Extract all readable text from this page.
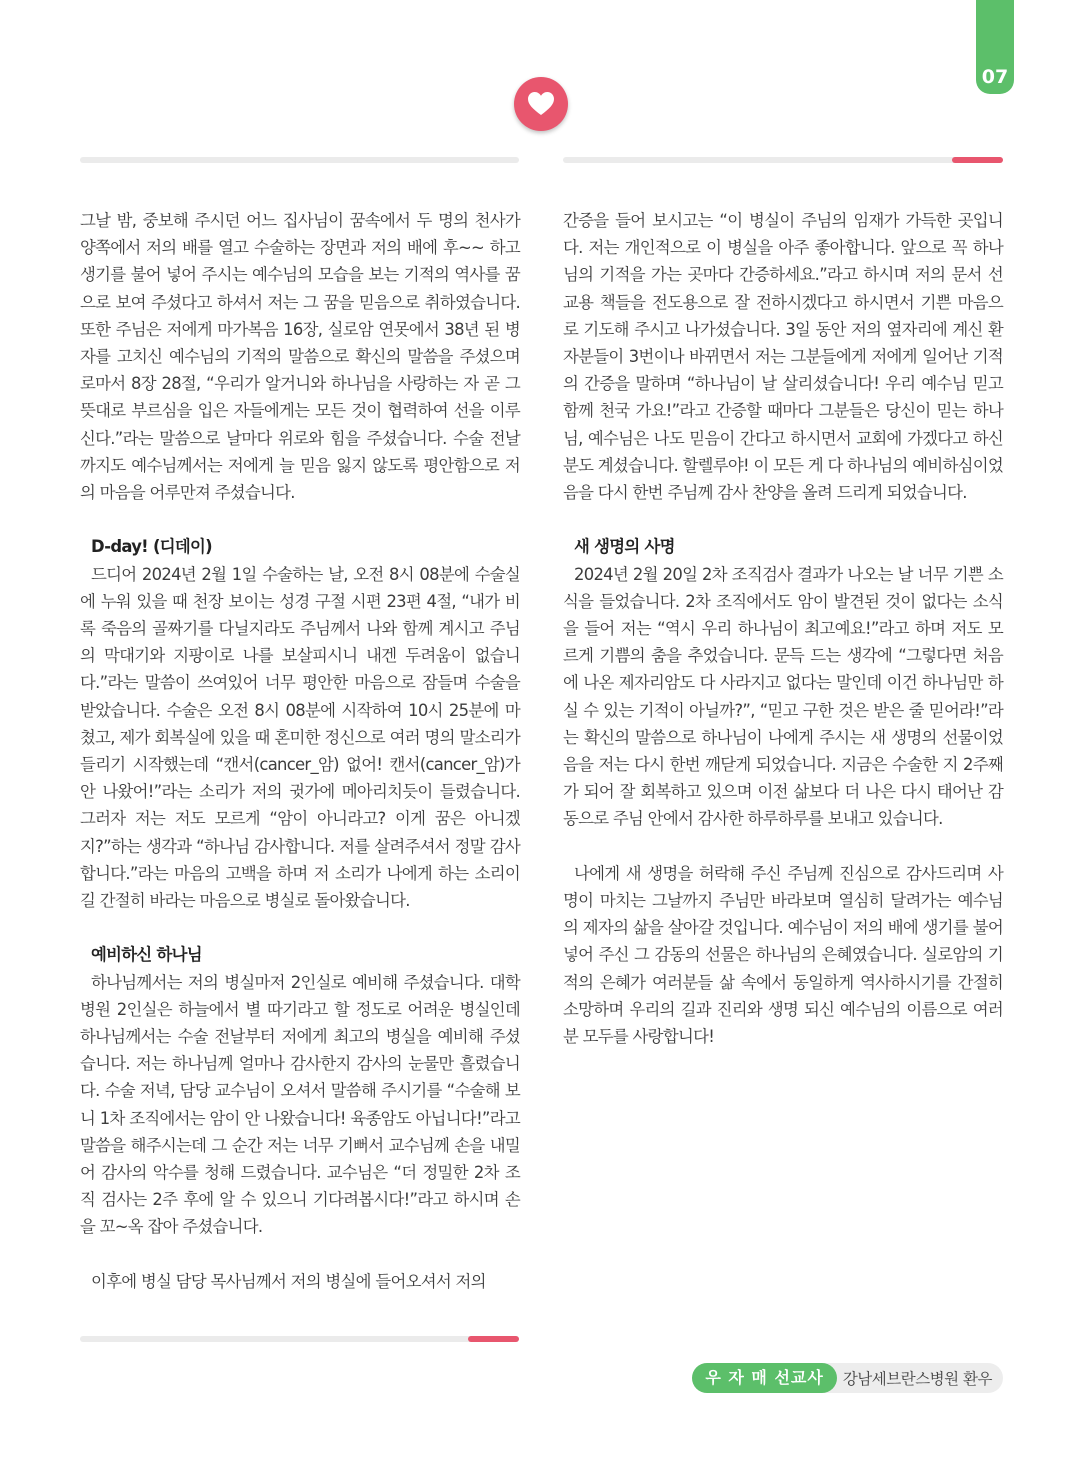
07

그날 밤, 중보해 주시던 어느 집사님이 꿈속에서 두 명의 천사가 양쪽에서 저의 배를 열고 수술하는 장면과 저의 배에 후~~ 하고 생기를 불어 넣어 주시는 예수님의 모습을 보는 기적의 역사를 꿈으로 보여 주셨다고 하셔서 저는 그 꿈을 믿음으로 취하였습니다. 또한 주님은 저에게 마가복음 16장, 실로암 연못에서 38년 된 병자를 고치신 예수님의 기적의 말씀으로 확신의 말씀을 주셨으며 로마서 8장 28절, “우리가 알거니와 하나님을 사랑하는 자 곧 그 뜻대로 부르심을 입은 자들에게는 모든 것이 협력하여 선을 이루신다.”라는 말씀으로 날마다 위로와 힘을 주셨습니다. 수술 전날까지도 예수님께서는 저에게 늘 믿음 잃지 않도록 평안함으로 저의 마음을 어루만져 주셨습니다.

D-day! (디데이)

드디어 2024년 2월 1일 수술하는 날, 오전 8시 08분에 수술실에 누워 있을 때 천장 보이는 성경 구절 시편 23편 4절, “내가 비록 죽음의 골짜기를 다닐지라도 주님께서 나와 함께 계시고 주님의 막대기와 지팡이로 나를 보살피시니 내겐 두려움이 없습니다.”라는 말씀이 쓰여있어 너무 평안한 마음으로 잠들며 수술을 받았습니다. 수술은 오전 8시 08분에 시작하여 10시 25분에 마쳤고, 제가 회복실에 있을 때 혼미한 정신으로 여러 명의 말소리가 들리기 시작했는데 “캔서(cancer_암) 없어! 캔서(cancer_암)가 안 나왔어!”라는 소리가 저의 귓가에 메아리치듯이 들렸습니다. 그러자 저는 저도 모르게 “암이 아니라고? 이게 꿈은 아니겠지?”하는 생각과 “하나님 감사합니다. 저를 살려주셔서 정말 감사합니다.”라는 마음의 고백을 하며 저 소리가 나에게 하는 소리이길 간절히 바라는 마음으로 병실로 돌아왔습니다.

예비하신 하나님

하나님께서는 저의 병실마저 2인실로 예비해 주셨습니다. 대학병원 2인실은 하늘에서 별 따기라고 할 정도로 어려운 병실인데 하나님께서는 수술 전날부터 저에게 최고의 병실을 예비해 주셨습니다. 저는 하나님께 얼마나 감사한지 감사의 눈물만 흘렸습니다. 수술 저녁, 담당 교수님이 오셔서 말씀해 주시기를 “수술해 보니 1차 조직에서는 암이 안 나왔습니다! 육종암도 아닙니다!”라고 말씀을 해주시는데 그 순간 저는 너무 기뻐서 교수님께 손을 내밀어 감사의 악수를 청해 드렸습니다. 교수님은 “더 정밀한 2차 조직 검사는 2주 후에 알 수 있으니 기다려봅시다!”라고 하시며 손을 꼬~옥 잡아 주셨습니다.

이후에 병실 담당 목사님께서 저의 병실에 들어오셔서 저의

간증을 들어 보시고는 “이 병실이 주님의 임재가 가득한 곳입니다. 저는 개인적으로 이 병실을 아주 좋아합니다. 앞으로 꼭 하나님의 기적을 가는 곳마다 간증하세요.”라고 하시며 저의 문서 선교용 책들을 전도용으로 잘 전하시겠다고 하시면서 기쁜 마음으로 기도해 주시고 나가셨습니다. 3일 동안 저의 옆자리에 계신 환자분들이 3번이나 바뀌면서 저는 그분들에게 저에게 일어난 기적의 간증을 말하며 “하나님이 날 살리셨습니다! 우리 예수님 믿고 함께 천국 가요!”라고 간증할 때마다 그분들은 당신이 믿는 하나님, 예수님은 나도 믿음이 간다고 하시면서 교회에 가겠다고 하신 분도 계셨습니다. 할렐루야! 이 모든 게 다 하나님의 예비하심이었음을 다시 한번 주님께 감사 찬양을 올려 드리게 되었습니다.

새 생명의 사명

2024년 2월 20일 2차 조직검사 결과가 나오는 날 너무 기쁜 소식을 들었습니다. 2차 조직에서도 암이 발견된 것이 없다는 소식을 들어 저는 “역시 우리 하나님이 최고예요!”라고 하며 저도 모르게 기쁨의 춤을 추었습니다. 문득 드는 생각에 “그렇다면 처음에 나온 제자리암도 다 사라지고 없다는 말인데 이건 하나님만 하실 수 있는 기적이 아닐까?”, “믿고 구한 것은 받은 줄 믿어라!”라는 확신의 말씀으로 하나님이 나에게 주시는 새 생명의 선물이었음을 저는 다시 한번 깨닫게 되었습니다. 지금은 수술한 지 2주째가 되어 잘 회복하고 있으며 이전 삶보다 더 나은 다시 태어난 감동으로 주님 안에서 감사한 하루하루를 보내고 있습니다.

나에게 새 생명을 허락해 주신 주님께 진심으로 감사드리며 사명이 마치는 그날까지 주님만 바라보며 열심히 달려가는 예수님의 제자의 삶을 살아갈 것입니다. 예수님이 저의 배에 생기를 불어넣어 주신 그 감동의 선물은 하나님의 은혜였습니다. 실로암의 기적의 은혜가 여러분들 삶 속에서 동일하게 역사하시기를 간절히 소망하며 우리의 길과 진리와 생명 되신 예수님의 이름으로 여러분 모두를 사랑합니다!

우 자 매 선교사	강남세브란스병원 환우
